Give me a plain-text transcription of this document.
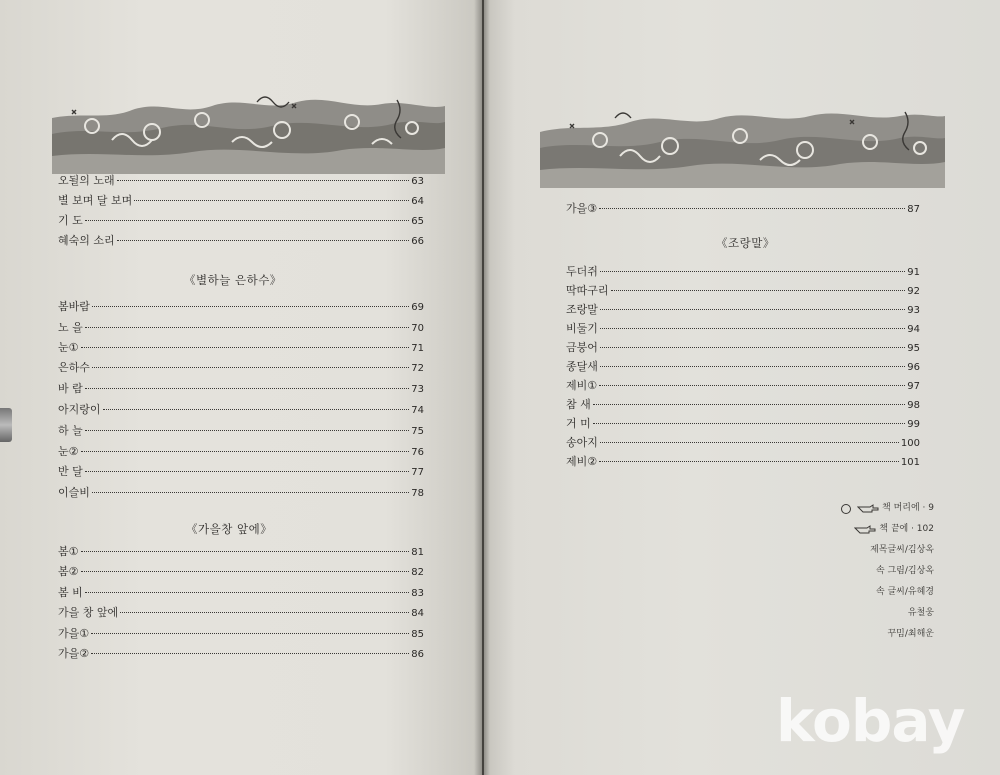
오될의 노래	63
별 보며 달 보며	64
기 도	65
혜숙의 소리	66
《별하늘 은하수》
봄바람	69
노 을	70
눈①	71
은하수	72
바 람	73
아지랑이	74
하 늘	75
눈②	76
반 달	77
이슬비	78
《가을창 앞에》
봄①	81
봄②	82
봄 비	83
가을 창 앞에	84
가을①	85
가을②	86
가을③	87
《조랑말》
두더쥐	91
딱따구리	92
조랑말	93
비둘기	94
금붕어	95
종달새	96
제비①	97
참 새	98
거 미	99
송아지	100
제비②	101
책 머리에 · 9
책 끝에 · 102
제목글씨/김상옥
속 그림/김상옥
속 글씨/유혜경
유철웅
꾸밈/최해운
kobay
